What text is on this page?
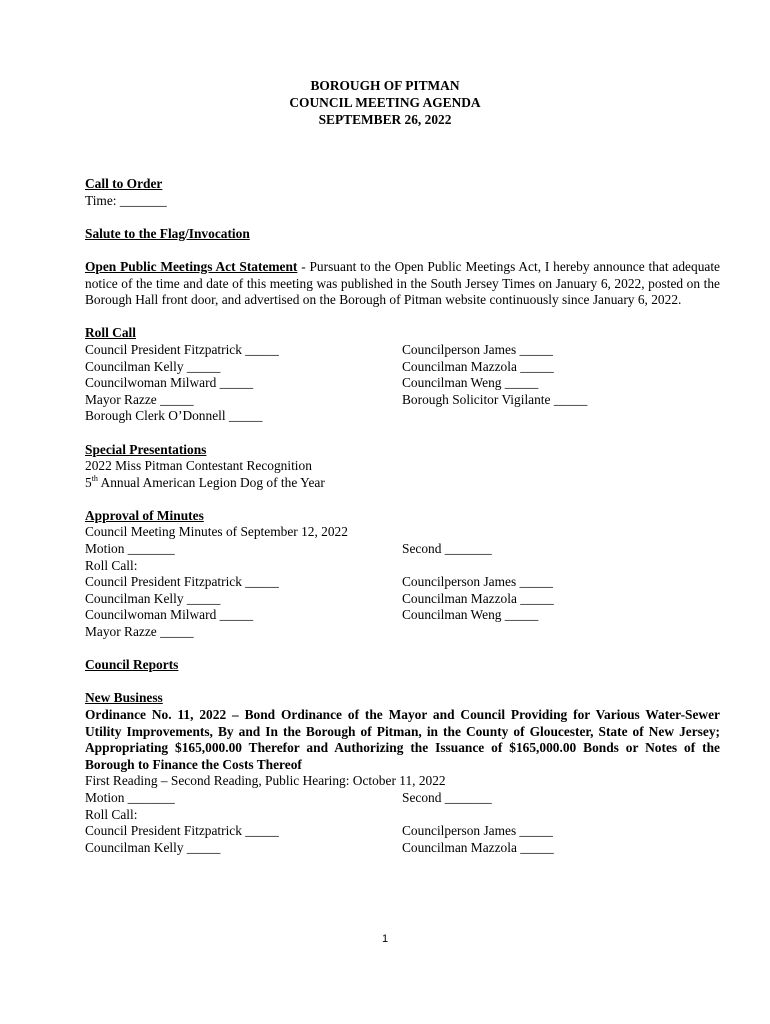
BOROUGH OF PITMAN
COUNCIL MEETING AGENDA
SEPTEMBER 26, 2022
Call to Order
Time: _______
Salute to the Flag/Invocation
Open Public Meetings Act Statement - Pursuant to the Open Public Meetings Act, I hereby announce that adequate notice of the time and date of this meeting was published in the South Jersey Times on January 6, 2022, posted on the Borough Hall front door, and advertised on the Borough of Pitman website continuously since January 6, 2022.
Roll Call
Council President Fitzpatrick _____	Councilperson James _____
Councilman Kelly _____	Councilman Mazzola _____
Councilwoman Milward _____	Councilman Weng _____
Mayor Razze _____	Borough Solicitor Vigilante _____
Borough Clerk O’Donnell _____
Special Presentations
2022 Miss Pitman Contestant Recognition
5th Annual American Legion Dog of the Year
Approval of Minutes
Council Meeting Minutes of September 12, 2022
Motion _______	Second _______
Roll Call:
Council President Fitzpatrick _____	Councilperson James _____
Councilman Kelly _____	Councilman Mazzola _____
Councilwoman Milward _____	Councilman Weng _____
Mayor Razze _____
Council Reports
New Business
Ordinance No. 11, 2022 – Bond Ordinance of the Mayor and Council Providing for Various Water-Sewer Utility Improvements, By and In the Borough of Pitman, in the County of Gloucester, State of New Jersey; Appropriating $165,000.00 Therefor and Authorizing the Issuance of $165,000.00 Bonds or Notes of the Borough to Finance the Costs Thereof
First Reading – Second Reading, Public Hearing: October 11, 2022
Motion _______	Second _______
Roll Call:
Council President Fitzpatrick _____	Councilperson James _____
Councilman Kelly _____	Councilman Mazzola _____
1
